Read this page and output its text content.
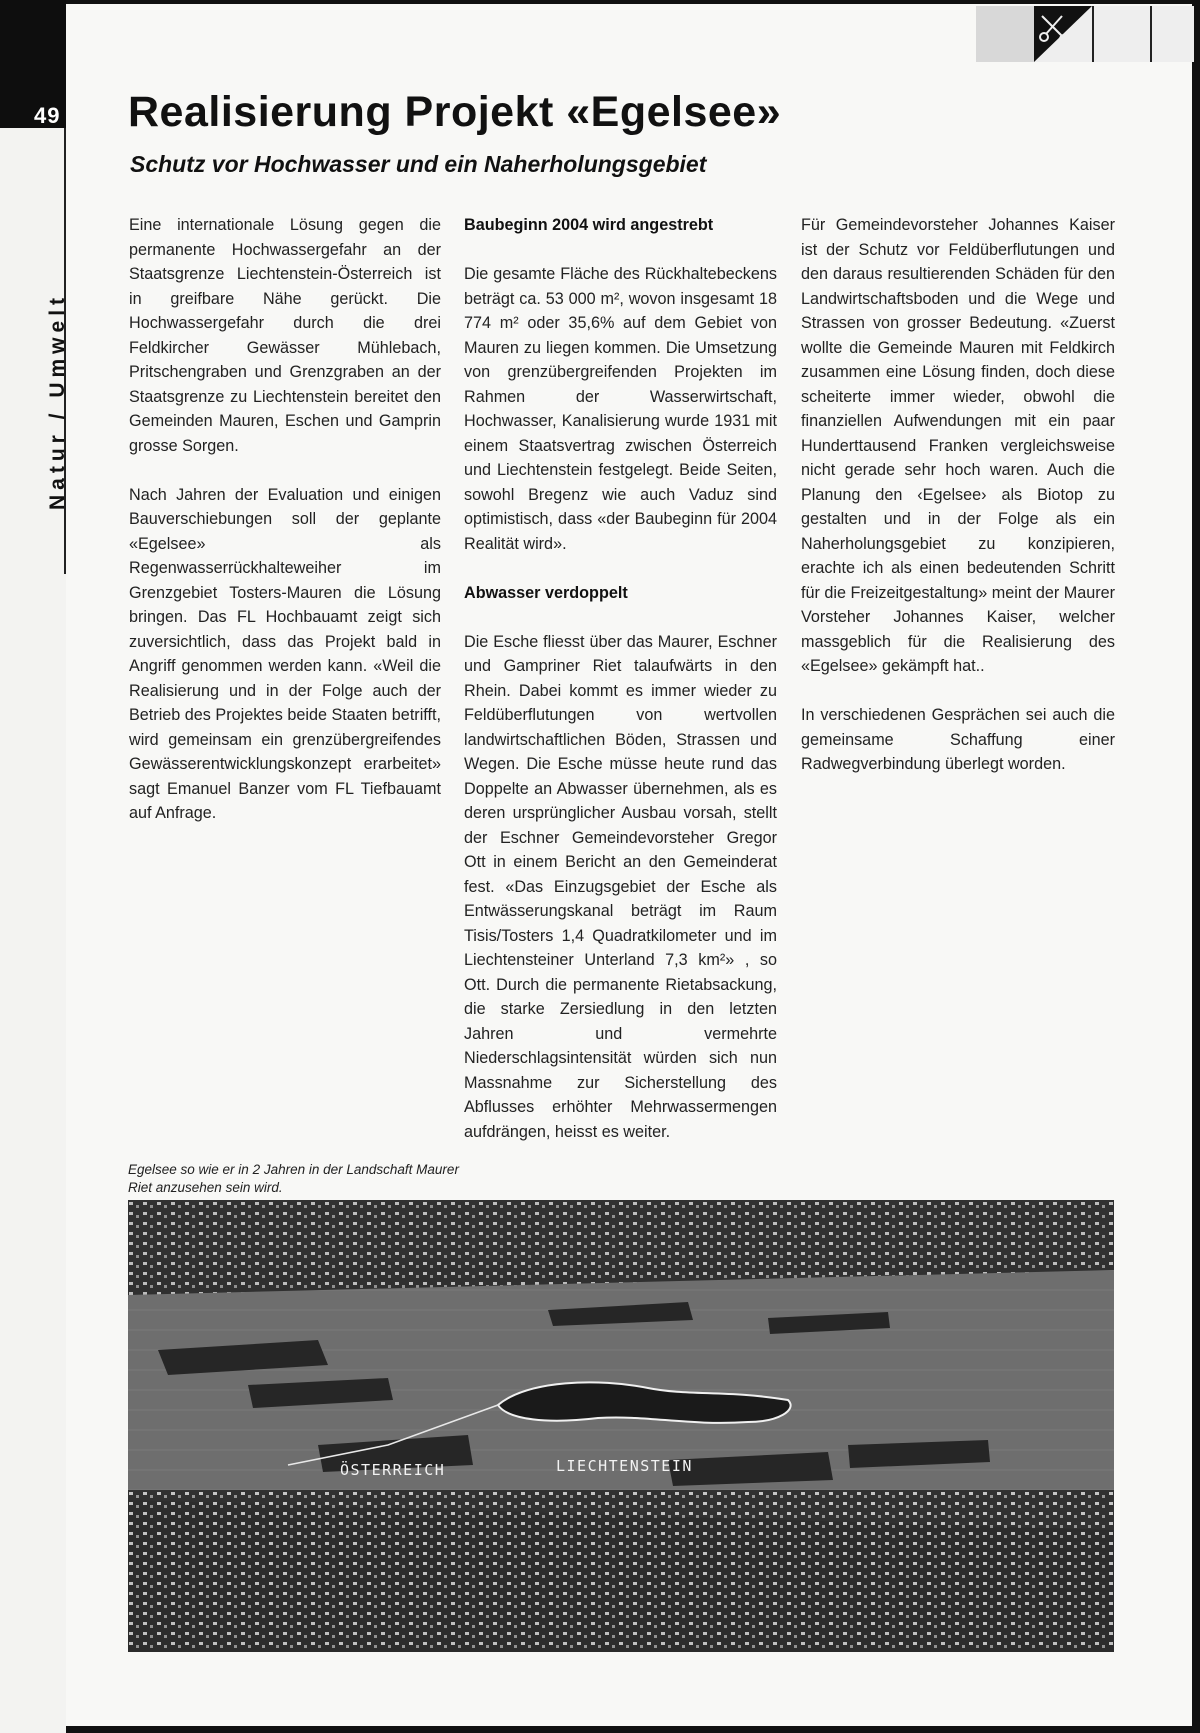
49
Natur / Umwelt
Realisierung Projekt «Egelsee»
Schutz vor Hochwasser und ein Naherholungsgebiet

Eine internationale Lösung gegen die permanente Hochwassergefahr an der Staatsgrenze Liechtenstein-Österreich ist in greifbare Nähe gerückt. Die Hochwassergefahr durch die drei Feldkircher Gewässer Mühlebach, Pritschengraben und Grenzgraben an der Staatsgrenze zu Liechtenstein bereitet den Gemeinden Mauren, Eschen und Gamprin grosse Sorgen.

Nach Jahren der Evaluation und einigen Bauverschiebungen soll der geplante «Egelsee» als Regenwasserrückhalteweiher im Grenzgebiet Tosters-Mauren die Lösung bringen. Das FL Hochbauamt zeigt sich zuversichtlich, dass das Projekt bald in Angriff genommen werden kann. «Weil die Realisierung und in der Folge auch der Betrieb des Projektes beide Staaten betrifft, wird gemeinsam ein grenzübergreifendes Gewässerentwicklungskonzept erarbeitet» sagt Emanuel Banzer vom FL Tiefbauamt auf Anfrage.

Baubeginn 2004 wird angestrebt

Die gesamte Fläche des Rückhaltebeckens beträgt ca. 53 000 m², wovon insgesamt 18 774 m² oder 35,6% auf dem Gebiet von Mauren zu liegen kommen. Die Umsetzung von grenzübergreifenden Projekten im Rahmen der Wasserwirtschaft, Hochwasser, Kanalisierung wurde 1931 mit einem Staatsvertrag zwischen Österreich und Liechtenstein festgelegt. Beide Seiten, sowohl Bregenz wie auch Vaduz sind optimistisch, dass «der Baubeginn für 2004 Realität wird».

Abwasser verdoppelt

Die Esche fliesst über das Maurer, Eschner und Gampriner Riet talaufwärts in den Rhein. Dabei kommt es immer wieder zu Feldüberflutungen von wertvollen landwirtschaftlichen Böden, Strassen und Wegen. Die Esche müsse heute rund das Doppelte an Abwasser übernehmen, als es deren ursprünglicher Ausbau vorsah, stellt der Eschner Gemeindevorsteher Gregor Ott in einem Bericht an den Gemeinderat fest. «Das Einzugsgebiet der Esche als Entwässerungskanal beträgt im Raum Tisis/Tosters 1,4 Quadratkilometer und im Liechtensteiner Unterland 7,3 km²» , so Ott. Durch die permanente Rietabsackung, die starke Zersiedlung in den letzten Jahren und vermehrte Niederschlagsintensität würden sich nun Massnahme zur Sicherstellung des Abflusses erhöhter Mehrwassermengen aufdrängen, heisst es weiter.

Für Gemeindevorsteher Johannes Kaiser ist der Schutz vor Feldüberflutungen und den daraus resultierenden Schäden für den Landwirtschaftsboden und die Wege und Strassen von grosser Bedeutung. «Zuerst wollte die Gemeinde Mauren mit Feldkirch zusammen eine Lösung finden, doch diese scheiterte immer wieder, obwohl die finanziellen Aufwendungen mit ein paar Hunderttausend Franken vergleichsweise nicht gerade sehr hoch waren. Auch die Planung den ‹Egelsee› als Biotop zu gestalten und in der Folge als ein Naherholungsgebiet zu konzipieren, erachte ich als einen bedeutenden Schritt für die Freizeitgestaltung» meint der Maurer Vorsteher Johannes Kaiser, welcher massgeblich für die Realisierung des «Egelsee» gekämpft hat..

In verschiedenen Gesprächen sei auch die gemeinsame Schaffung einer Radwegverbindung überlegt worden.

Egelsee so wie er in 2 Jahren in der Landschaft Maurer Riet anzusehen sein wird.
ÖSTERREICH	LIECHTENSTEIN
